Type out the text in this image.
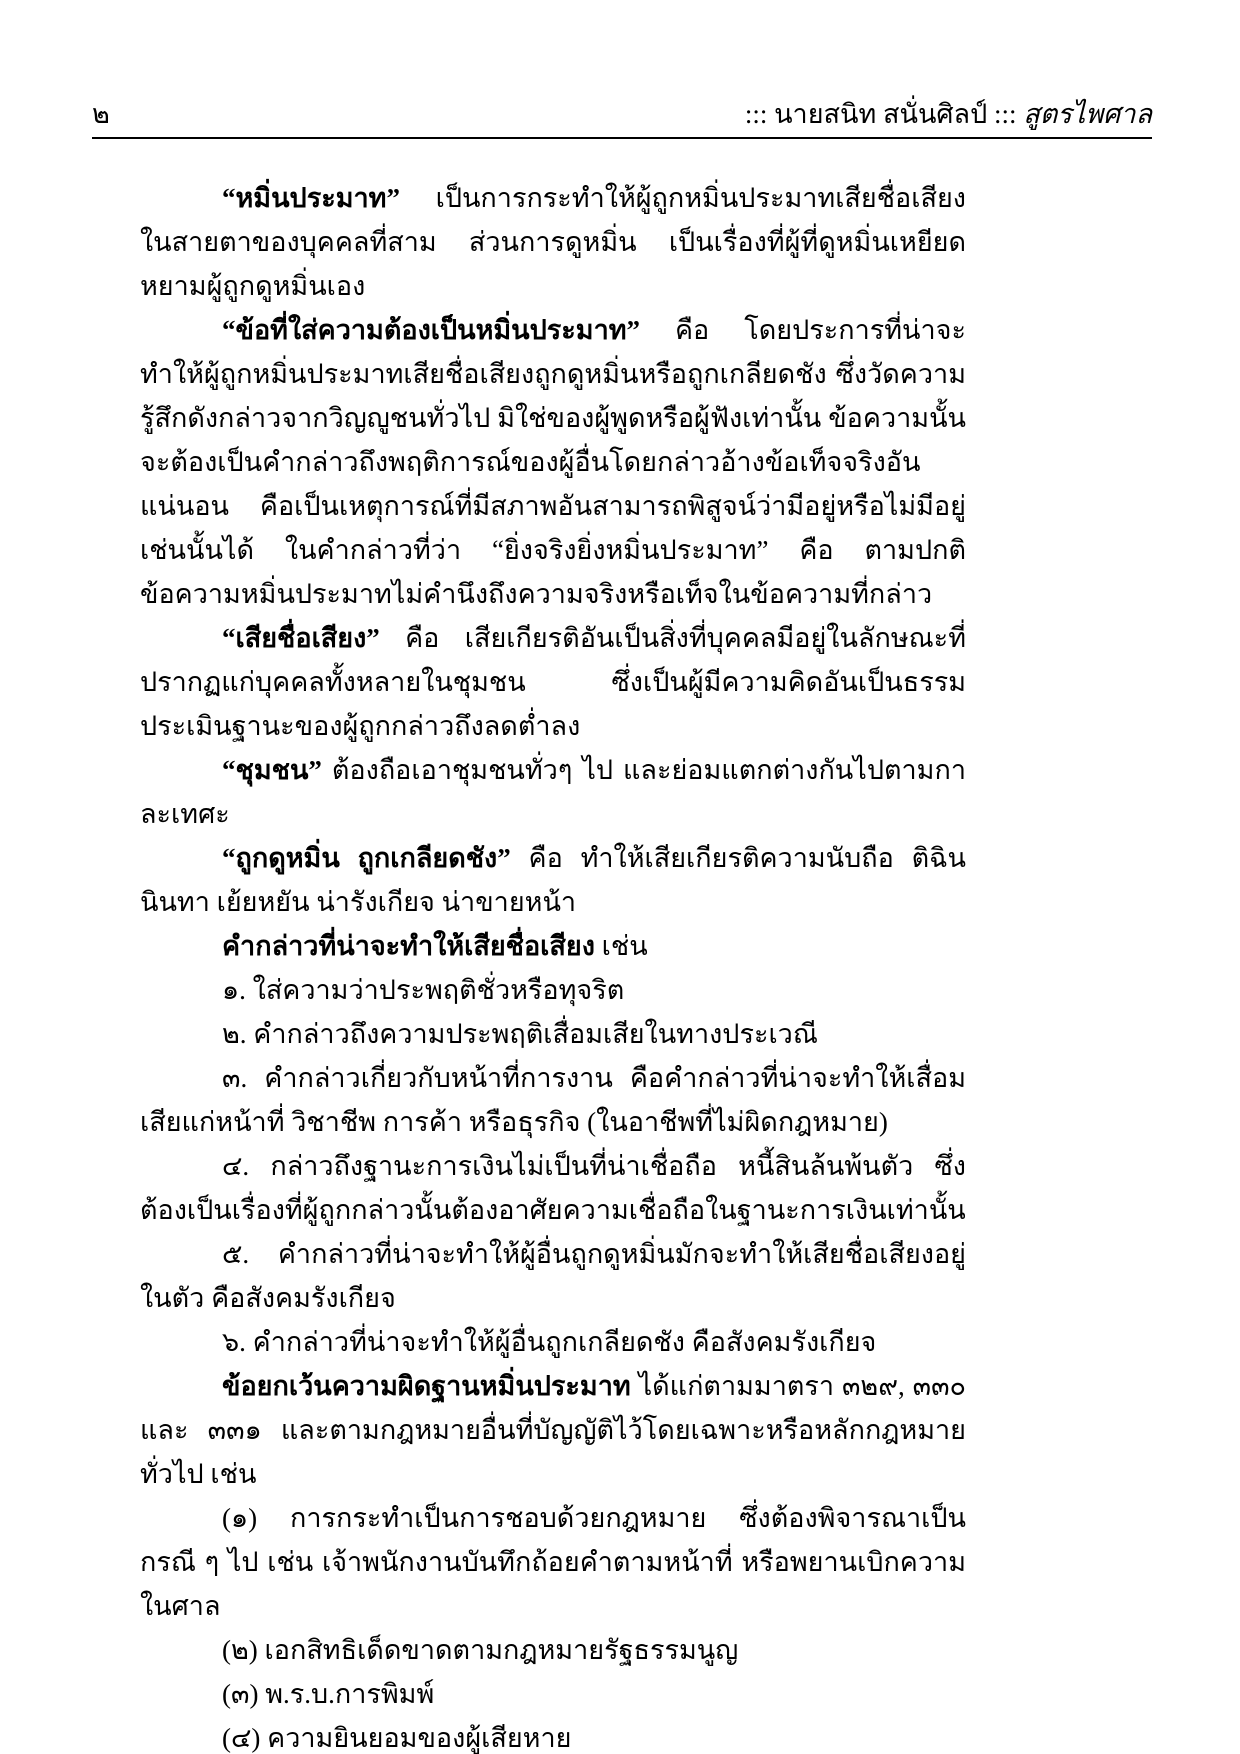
๒	::: นายสนิท สนั่นศิลป์ ::: สูตรไพศาล

“หมิ่นประมาท” เป็นการกระทำให้ผู้ถูกหมิ่นประมาทเสียชื่อเสียงในสายตาของบุคคลที่สาม ส่วนการดูหมิ่น เป็นเรื่องที่ผู้ที่ดูหมิ่นเหยียดหยามผู้ถูกดูหมิ่นเอง

“ข้อที่ใส่ความต้องเป็นหมิ่นประมาท” คือ โดยประการที่น่าจะทำให้ผู้ถูกหมิ่นประมาทเสียชื่อเสียงถูกดูหมิ่นหรือถูกเกลียดชัง ซึ่งวัดความรู้สึกดังกล่าวจากวิญญูชนทั่วไป มิใช่ของผู้พูดหรือผู้ฟังเท่านั้น ข้อความนั้นจะต้องเป็นคำกล่าวถึงพฤติการณ์ของผู้อื่นโดยกล่าวอ้างข้อเท็จจริงอันแน่นอน คือเป็นเหตุการณ์ที่มีสภาพอันสามารถพิสูจน์ว่ามีอยู่หรือไม่มีอยู่เช่นนั้นได้ ในคำกล่าวที่ว่า “ยิ่งจริงยิ่งหมิ่นประมาท” คือ ตามปกติข้อความหมิ่นประมาทไม่คำนึงถึงความจริงหรือเท็จในข้อความที่กล่าว

“เสียชื่อเสียง” คือ เสียเกียรติอันเป็นสิ่งที่บุคคลมีอยู่ในลักษณะที่ปรากฏแก่บุคคลทั้งหลายในชุมชน ซึ่งเป็นผู้มีความคิดอันเป็นธรรม ประเมินฐานะของผู้ถูกกล่าวถึงลดต่ำลง

“ชุมชน” ต้องถือเอาชุมชนทั่วๆ ไป และย่อมแตกต่างกันไปตามกาละเทศะ

“ถูกดูหมิ่น ถูกเกลียดชัง” คือ ทำให้เสียเกียรติความนับถือ ติฉินนินทา เย้ยหยัน น่ารังเกียจ น่าขายหน้า

คำกล่าวที่น่าจะทำให้เสียชื่อเสียง เช่น

๑. ใส่ความว่าประพฤติชั่วหรือทุจริต

๒. คำกล่าวถึงความประพฤติเสื่อมเสียในทางประเวณี

๓. คำกล่าวเกี่ยวกับหน้าที่การงาน คือคำกล่าวที่น่าจะทำให้เสื่อมเสียแก่หน้าที่ วิชาชีพ การค้า หรือธุรกิจ (ในอาชีพที่ไม่ผิดกฎหมาย)

๔. กล่าวถึงฐานะการเงินไม่เป็นที่น่าเชื่อถือ หนี้สินล้นพ้นตัว ซึ่งต้องเป็นเรื่องที่ผู้ถูกกล่าวนั้นต้องอาศัยความเชื่อถือในฐานะการเงินเท่านั้น

๕. คำกล่าวที่น่าจะทำให้ผู้อื่นถูกดูหมิ่นมักจะทำให้เสียชื่อเสียงอยู่ในตัว คือสังคมรังเกียจ

๖. คำกล่าวที่น่าจะทำให้ผู้อื่นถูกเกลียดชัง คือสังคมรังเกียจ

ข้อยกเว้นความผิดฐานหมิ่นประมาท ได้แก่ตามมาตรา ๓๒๙, ๓๓๐ และ ๓๓๑ และตามกฎหมายอื่นที่บัญญัติไว้โดยเฉพาะหรือหลักกฎหมายทั่วไป เช่น

(๑) การกระทำเป็นการชอบด้วยกฎหมาย ซึ่งต้องพิจารณาเป็นกรณี ๆ ไป เช่น เจ้าพนักงานบันทึกถ้อยคำตามหน้าที่ หรือพยานเบิกความในศาล

(๒) เอกสิทธิเด็ดขาดตามกฎหมายรัฐธรรมนูญ

(๓) พ.ร.บ.การพิมพ์

(๔) ความยินยอมของผู้เสียหาย
